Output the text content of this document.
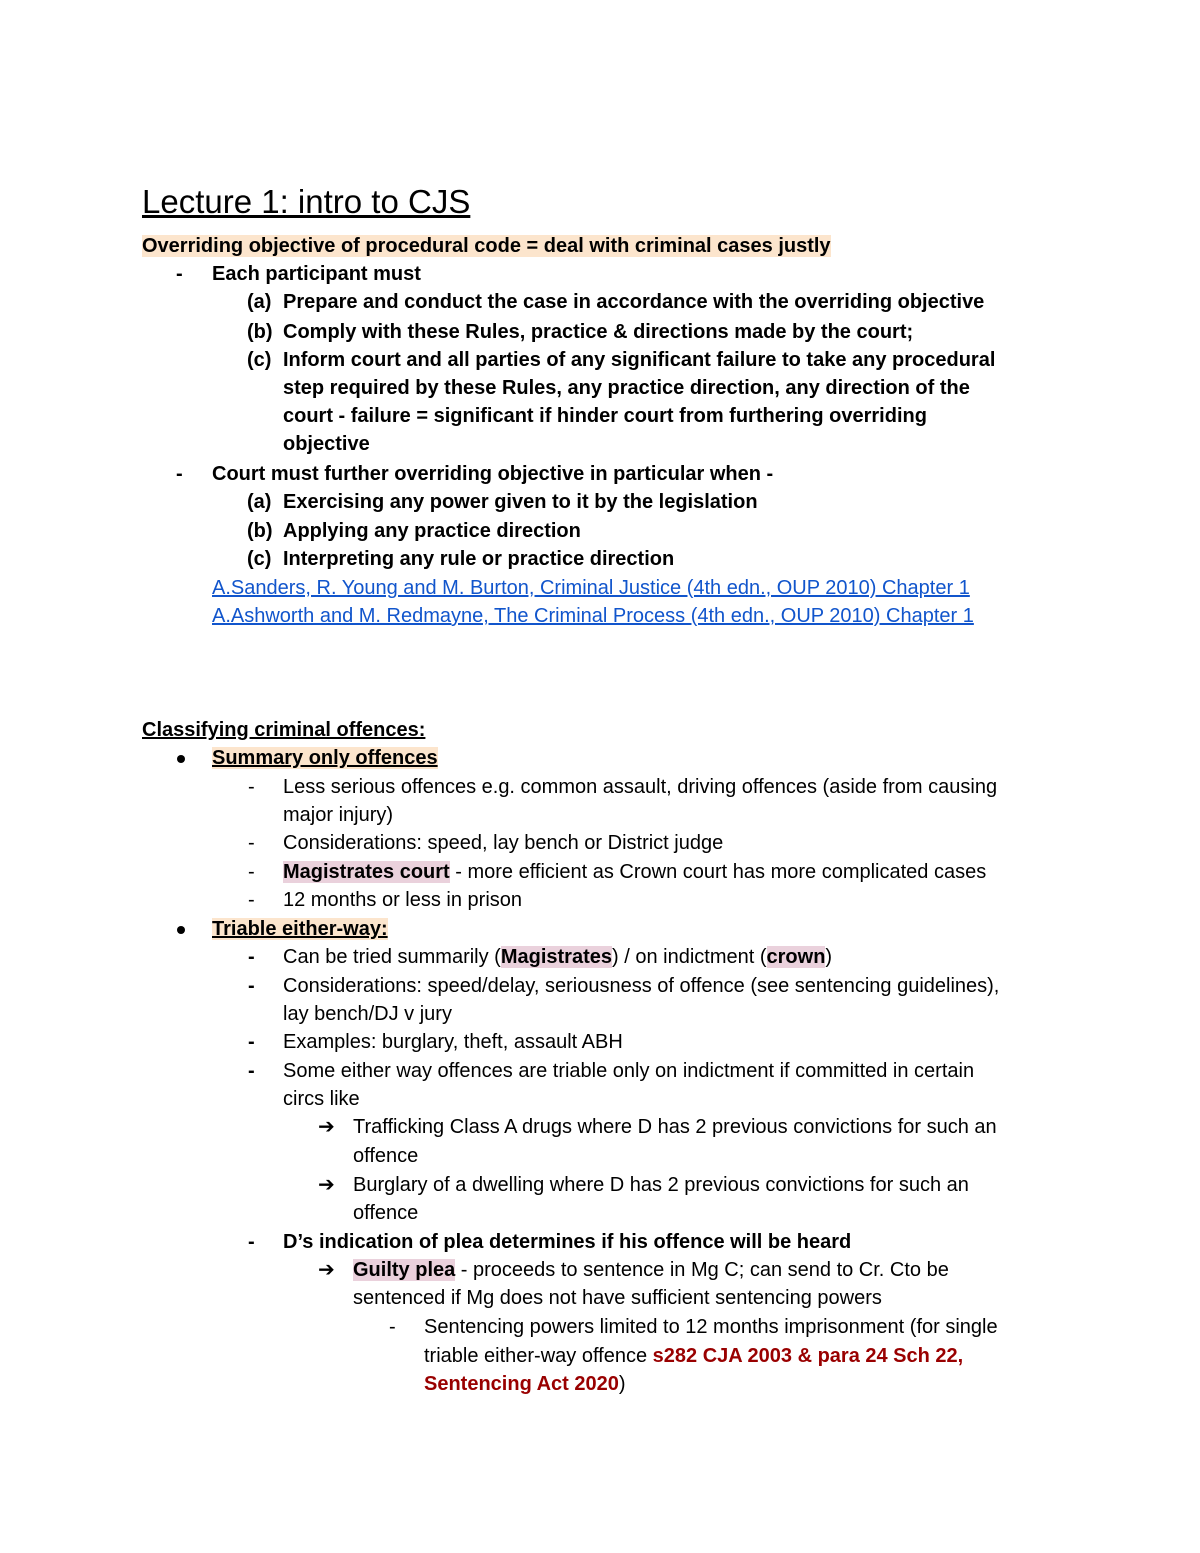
Lecture 1: intro to CJS
Overriding objective of procedural code = deal with criminal cases justly
- Each participant must
(a) Prepare and conduct the case in accordance with the overriding objective
(b) Comply with these Rules, practice & directions made by the court;
(c) Inform court and all parties of any significant failure to take any procedural
step required by these Rules, any practice direction, any direction of the
court - failure = significant if hinder court from furthering overriding
objective
- Court must further overriding objective in particular when -
(a) Exercising any power given to it by the legislation
(b) Applying any practice direction
(c) Interpreting any rule or practice direction
A.Sanders, R. Young and M. Burton, Criminal Justice (4th edn., OUP 2010) Chapter 1
A.Ashworth and M. Redmayne, The Criminal Process (4th edn., OUP 2010) Chapter 1
Classifying criminal offences:
Summary only offences
- Less serious offences e.g. common assault, driving offences (aside from causing
major injury)
- Considerations: speed, lay bench or District judge
- Magistrates court - more efficient as Crown court has more complicated cases
- 12 months or less in prison
Triable either-way:
- Can be tried summarily (Magistrates) / on indictment (crown)
- Considerations: speed/delay, seriousness of offence (see sentencing guidelines),
lay bench/DJ v jury
- Examples: burglary, theft, assault ABH
- Some either way offences are triable only on indictment if committed in certain
circs like
➔ Trafficking Class A drugs where D has 2 previous convictions for such an
offence
➔ Burglary of a dwelling where D has 2 previous convictions for such an
offence
- D’s indication of plea determines if his offence will be heard
➔ Guilty plea - proceeds to sentence in Mg C; can send to Cr. Cto be
sentenced if Mg does not have sufficient sentencing powers
- Sentencing powers limited to 12 months imprisonment (for single
triable either-way offence s282 CJA 2003 & para 24 Sch 22,
Sentencing Act 2020)
